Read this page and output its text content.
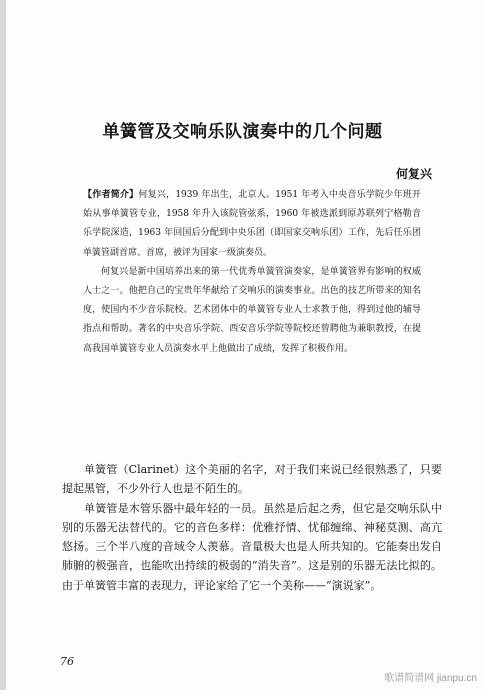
单簧管及交响乐队演奏中的几个问题
何复兴

【作者简介】何复兴，1939 年出生，北京人。1951 年考入中央音乐学院少年班开始从事单簧管专业，1958 年升入该院管弦系，1960 年被选派到原苏联列宁格勒音乐学院深造，1963 年回国后分配到中央乐团（即国家交响乐团）工作，先后任乐团单簧管副首席、首席，被评为国家一级演奏员。

何复兴是新中国培养出来的第一代优秀单簧管演奏家，是单簧管界有影响的权威人士之一。他把自己的宝贵年华献给了交响乐的演奏事业。出色的技艺所带来的知名度，使国内不少音乐院校、艺术团体中的单簧管专业人士求教于他，得到过他的辅导指点和帮助。著名的中央音乐学院、西安音乐学院等院校还曾聘他为兼职教授，在提高我国单簧管专业人员演奏水平上他做出了成绩，发挥了积极作用。

单簧管（Clarinet）这个美丽的名字，对于我们来说已经很熟悉了，只要提起黑管，不少外行人也是不陌生的。

单簧管是木管乐器中最年轻的一员。虽然是后起之秀，但它是交响乐队中别的乐器无法替代的。它的音色多样：优雅抒情、忧郁缠绵、神秘莫测、高亢悠扬。三个半八度的音域令人羡慕。音量极大也是人所共知的。它能奏出发自肺腑的极强音，也能吹出持续的极弱的“消失音”。这是别的乐器无法比拟的。由于单簧管丰富的表现力，评论家给了它一个美称——“演说家”。

76
歌谱简谱网 jianpu.cn
